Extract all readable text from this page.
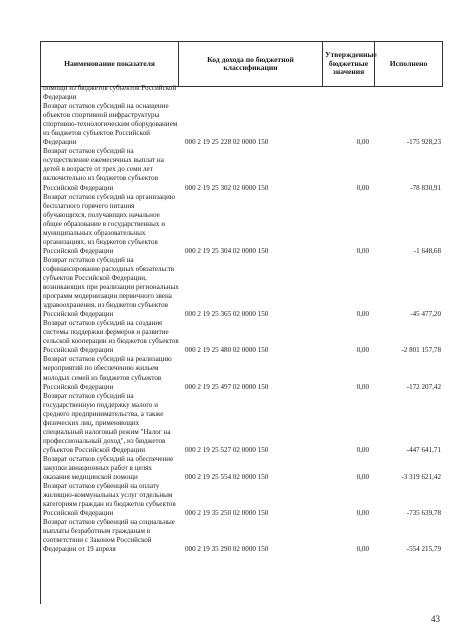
Наименование показателя	Код дохода по бюджетной классификации	Утвержденные бюджетные значения	Исполнено
помощи из бюджетов субъектов Российской Федерации
Возврат остатков субсидий на оснащение объектов спортивной инфраструктуры спортивно-технологическим оборудованием из бюджетов субъектов Российской Федерации	000 2 19 25 228 02 0000 150	0,00	-175 928,23
Возврат остатков субсидий на осуществление ежемесячных выплат на детей в возрасте от трех до семи лет включительно из бюджетов субъектов Российской Федерации	000 2 19 25 302 02 0000 150	0,00	-78 830,91
Возврат остатков субсидий на организацию бесплатного горячего питания обучающихся, получающих начальное общее образование в государственных и муниципальных образовательных организациях, из бюджетов субъектов Российской Федерации	000 2 19 25 304 02 0000 150	0,00	-1 648,68
Возврат остатков субсидий на софинансирование расходных обязательств субъектов Российской Федерации, возникающих при реализации региональных программ модернизации первичного звена здравоохранения, из бюджетов субъектов Российской Федерации	000 2 19 25 365 02 0000 150	0,00	-45 477,20
Возврат остатков субсидий на создание системы поддержки фермеров и развитие сельской кооперации из бюджетов субъектов Российской Федерации	000 2 19 25 480 02 0000 150	0,00	-2 801 157,78
Возврат остатков субсидий на реализацию мероприятий по обеспечению жильем молодых семей из бюджетов субъектов Российской Федерации	000 2 19 25 497 02 0000 150	0,00	-172 207,42
Возврат остатков субсидий на государственную поддержку малого и среднего предпринимательства, а также физических лиц, применяющих специальный налоговый режим "Налог на профессиональный доход", из бюджетов субъектов Российской Федерации	000 2 19 25 527 02 0000 150	0,00	-447 641,71
Возврат остатков субсидий на обеспечение закупки авиационных работ в целях оказания медицинской помощи	000 2 19 25 554 02 0000 150	0,00	-3 319 621,42
Возврат остатков субвенций на оплату жилищно-коммунальных услуг отдельным категориям граждан из бюджетов субъектов Российской Федерации	000 2 19 35 250 02 0000 150	0,00	-735 639,78
Возврат остатков субвенций на социальные выплаты безработным гражданам в соответствии с Законом Российской Федерации от 19 апреля	000 2 19 35 290 02 0000 150	0,00	-554 215,79
43
